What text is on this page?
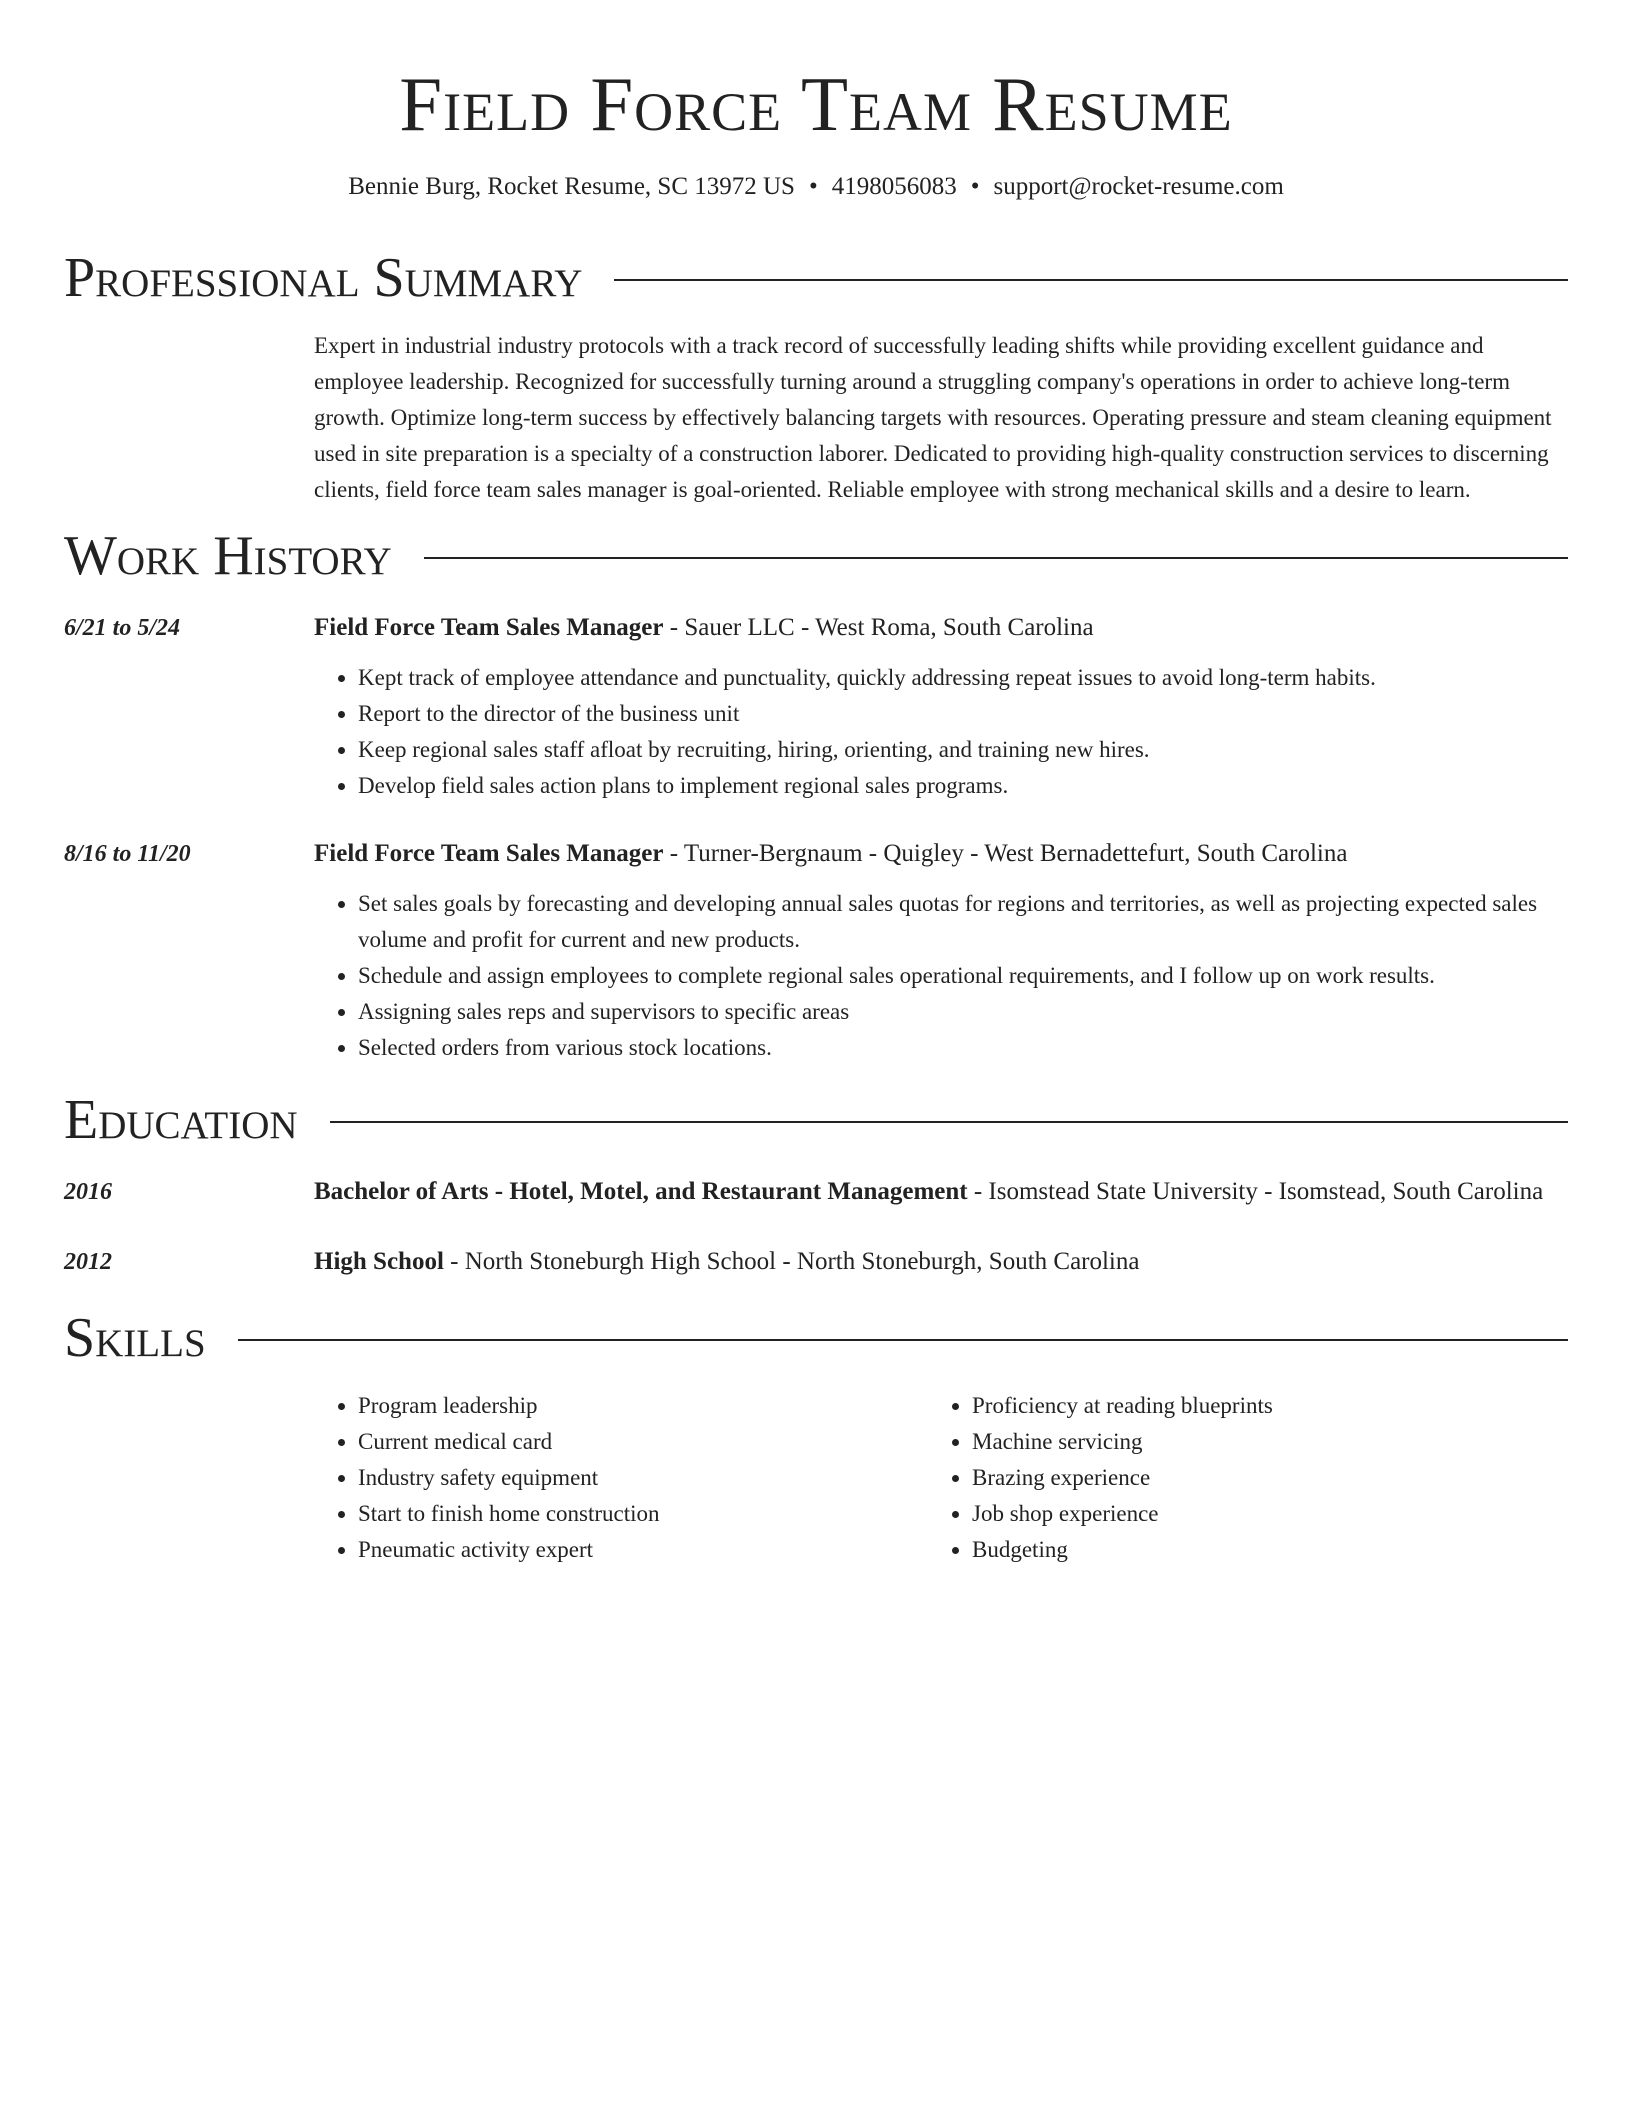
Field Force Team Resume
Bennie Burg, Rocket Resume, SC 13972 US • 4198056083 • support@rocket-resume.com
Professional Summary
Expert in industrial industry protocols with a track record of successfully leading shifts while providing excellent guidance and employee leadership. Recognized for successfully turning around a struggling company's operations in order to achieve long-term growth. Optimize long-term success by effectively balancing targets with resources. Operating pressure and steam cleaning equipment used in site preparation is a specialty of a construction laborer. Dedicated to providing high-quality construction services to discerning clients, field force team sales manager is goal-oriented. Reliable employee with strong mechanical skills and a desire to learn.
Work History
6/21 to 5/24	Field Force Team Sales Manager - Sauer LLC - West Roma, South Carolina
• Kept track of employee attendance and punctuality, quickly addressing repeat issues to avoid long-term habits.
• Report to the director of the business unit
• Keep regional sales staff afloat by recruiting, hiring, orienting, and training new hires.
• Develop field sales action plans to implement regional sales programs.
8/16 to 11/20	Field Force Team Sales Manager - Turner-Bergnaum - Quigley - West Bernadettefurt, South Carolina
• Set sales goals by forecasting and developing annual sales quotas for regions and territories, as well as projecting expected sales volume and profit for current and new products.
• Schedule and assign employees to complete regional sales operational requirements, and I follow up on work results.
• Assigning sales reps and supervisors to specific areas
• Selected orders from various stock locations.
Education
2016	Bachelor of Arts - Hotel, Motel, and Restaurant Management - Isomstead State University - Isomstead, South Carolina
2012	High School - North Stoneburgh High School - North Stoneburgh, South Carolina
Skills
• Program leadership
• Current medical card
• Industry safety equipment
• Start to finish home construction
• Pneumatic activity expert
• Proficiency at reading blueprints
• Machine servicing
• Brazing experience
• Job shop experience
• Budgeting
